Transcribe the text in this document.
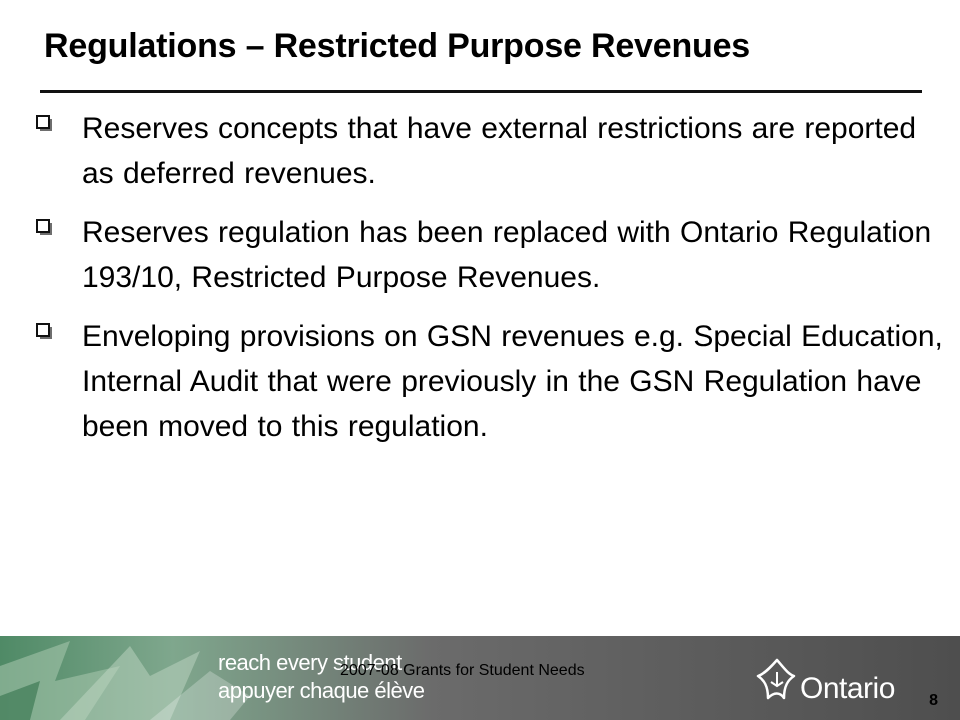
Regulations – Restricted Purpose Revenues
Reserves concepts that have external restrictions are reported as deferred revenues.
Reserves regulation has been replaced with Ontario Regulation 193/10, Restricted Purpose Revenues.
Enveloping provisions on GSN revenues e.g. Special Education, Internal Audit that were previously in the GSN Regulation have been moved to this regulation.
reach every student
appuyer chaque élève
2007-08 Grants for Student Needs
Ontario 8
